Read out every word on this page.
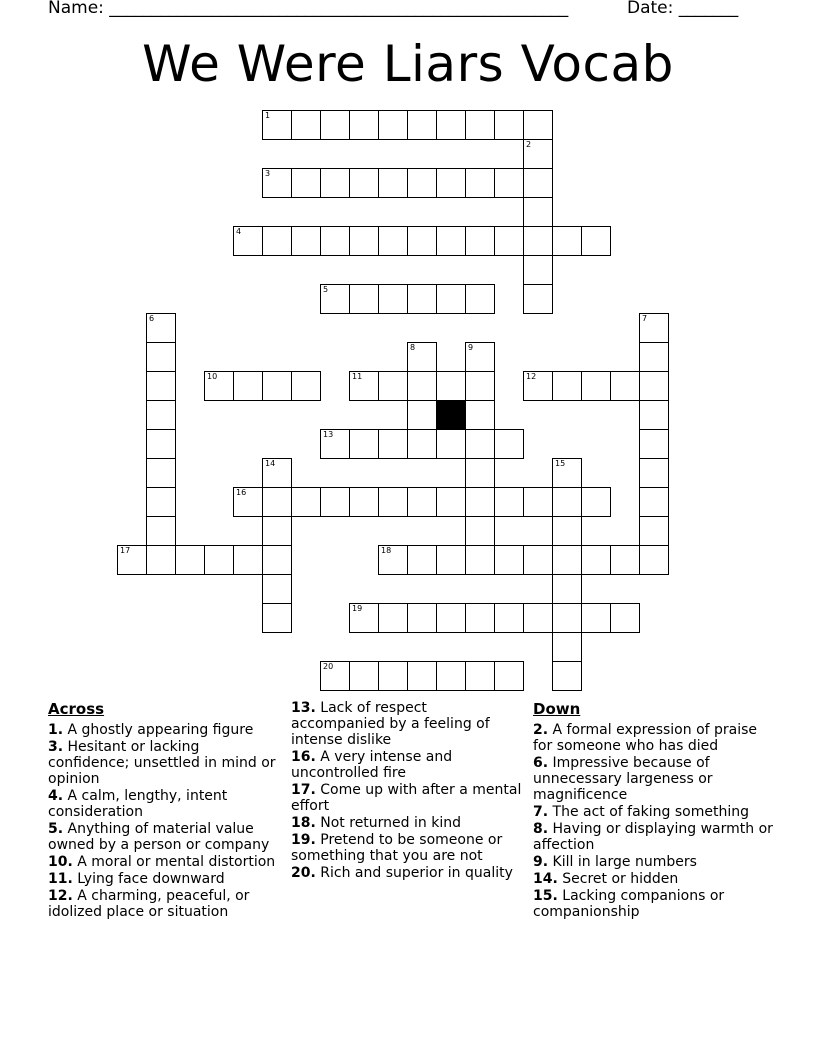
Name: ______________________________________________________	Date: _______
We Were Liars Vocab
1
2
3
4
5
6	7
8	9
10	11	12
13
14	15
16
17	18
19
20
Across
1. A ghostly appearing figure
3. Hesitant or lacking confidence; unsettled in mind or opinion
4. A calm, lengthy, intent consideration
5. Anything of material value owned by a person or company
10. A moral or mental distortion
11. Lying face downward
12. A charming, peaceful, or idolized place or situation
13. Lack of respect accompanied by a feeling of intense dislike
16. A very intense and uncontrolled fire
17. Come up with after a mental effort
18. Not returned in kind
19. Pretend to be someone or something that you are not
20. Rich and superior in quality
Down
2. A formal expression of praise for someone who has died
6. Impressive because of unnecessary largeness or magnificence
7. The act of faking something
8. Having or displaying warmth or affection
9. Kill in large numbers
14. Secret or hidden
15. Lacking companions or companionship
